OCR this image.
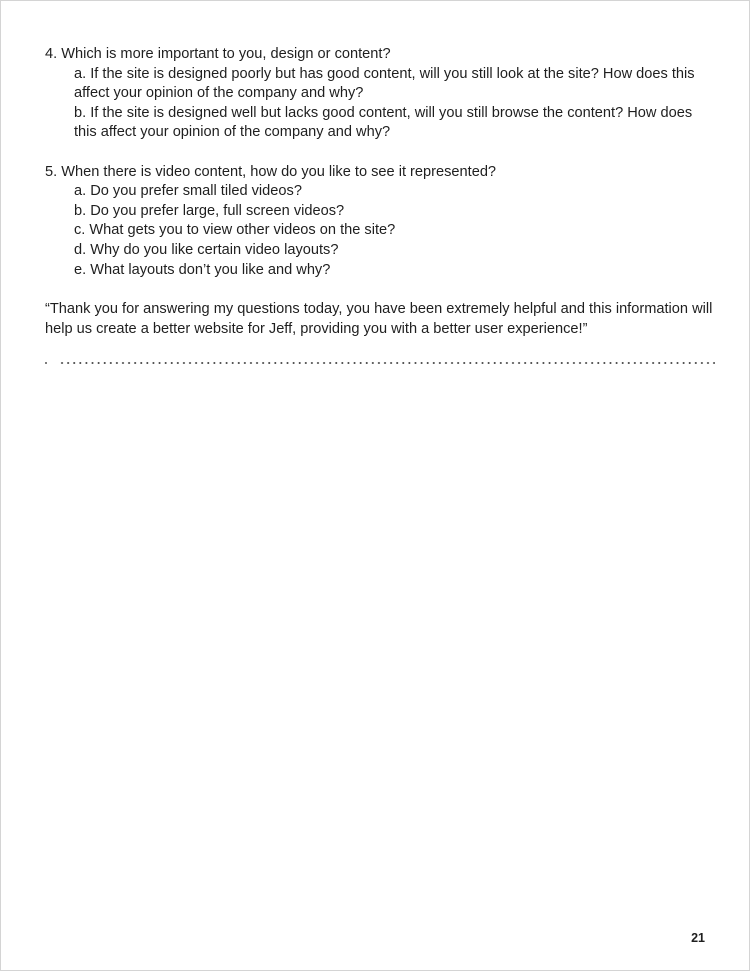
4. Which is more important to you, design or content?
a. If the site is designed poorly but has good content, will you still look at the site? How does this affect your opinion of the company and why?
b. If the site is designed well but lacks good content, will you still browse the content? How does this affect your opinion of the company and why?
5. When there is video content, how do you like to see it represented?
a. Do you prefer small tiled videos?
b. Do you prefer large, full screen videos?
c. What gets you to view other videos on the site?
d. Why do you like certain video layouts?
e. What layouts don’t you like and why?
“Thank you for answering my questions today, you have been extremely helpful and this information will help us create a better website for Jeff, providing you with a better user experience!”
21
